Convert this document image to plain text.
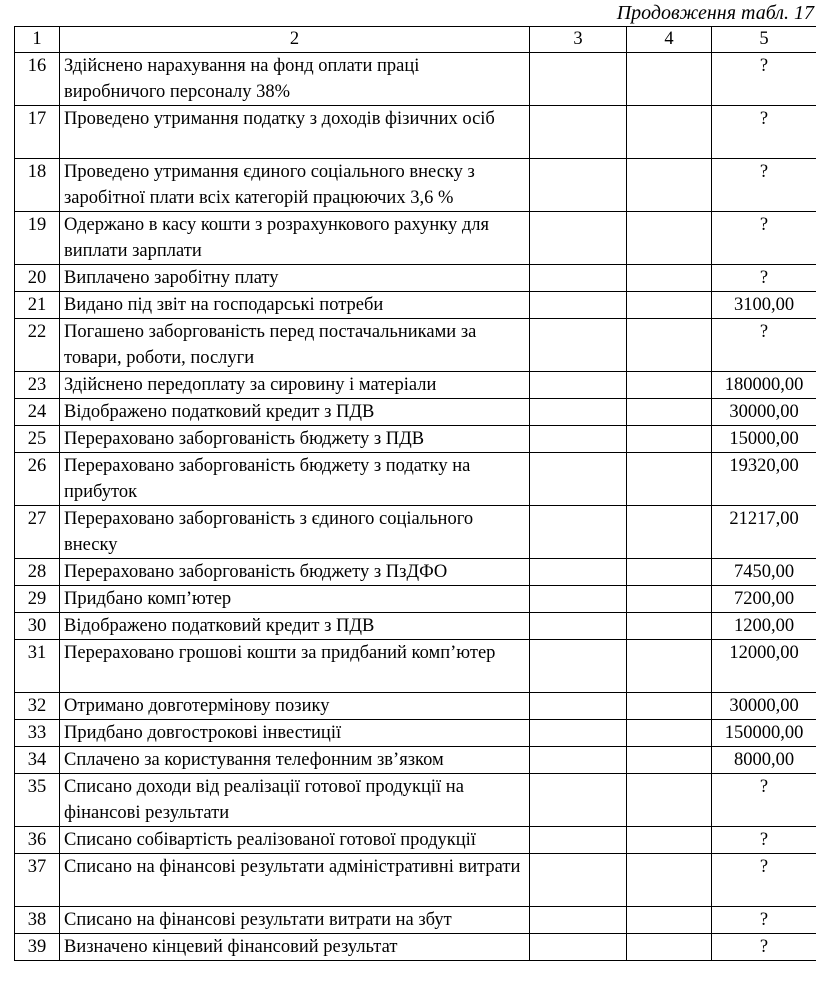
Продовження табл. 17
1	2	3	4	5
16	Здійснено нарахування на фонд оплати праці виробничого персоналу 38%			?
17	Проведено утримання податку з доходів фізичних осіб			?
18	Проведено утримання єдиного соціального внеску з заробітної плати всіх категорій працюючих 3,6 %			?
19	Одержано в касу кошти з розрахункового рахунку для виплати зарплати			?
20	Виплачено заробітну плату			?
21	Видано під звіт на господарські потреби			3100,00
22	Погашено заборгованість перед постачальниками за товари, роботи, послуги			?
23	Здійснено передоплату за сировину і матеріали			180000,00
24	Відображено податковий кредит з ПДВ			30000,00
25	Перераховано заборгованість бюджету з ПДВ			15000,00
26	Перераховано заборгованість бюджету з податку на прибуток			19320,00
27	Перераховано заборгованість з єдиного соціального внеску			21217,00
28	Перераховано заборгованість бюджету з ПзДФО			7450,00
29	Придбано комп’ютер			7200,00
30	Відображено податковий кредит з ПДВ			1200,00
31	Перераховано грошові кошти за придбаний комп’ютер			12000,00
32	Отримано довготермінову позику			30000,00
33	Придбано довгострокові інвестиції			150000,00
34	Сплачено за користування телефонним зв’язком			8000,00
35	Списано доходи від реалізації готової продукції на фінансові результати			?
36	Списано собівартість реалізованої готової продукції			?
37	Списано на фінансові результати адміністративні витрати			?
38	Списано на фінансові результати витрати на збут			?
39	Визначено кінцевий фінансовий результат			?
